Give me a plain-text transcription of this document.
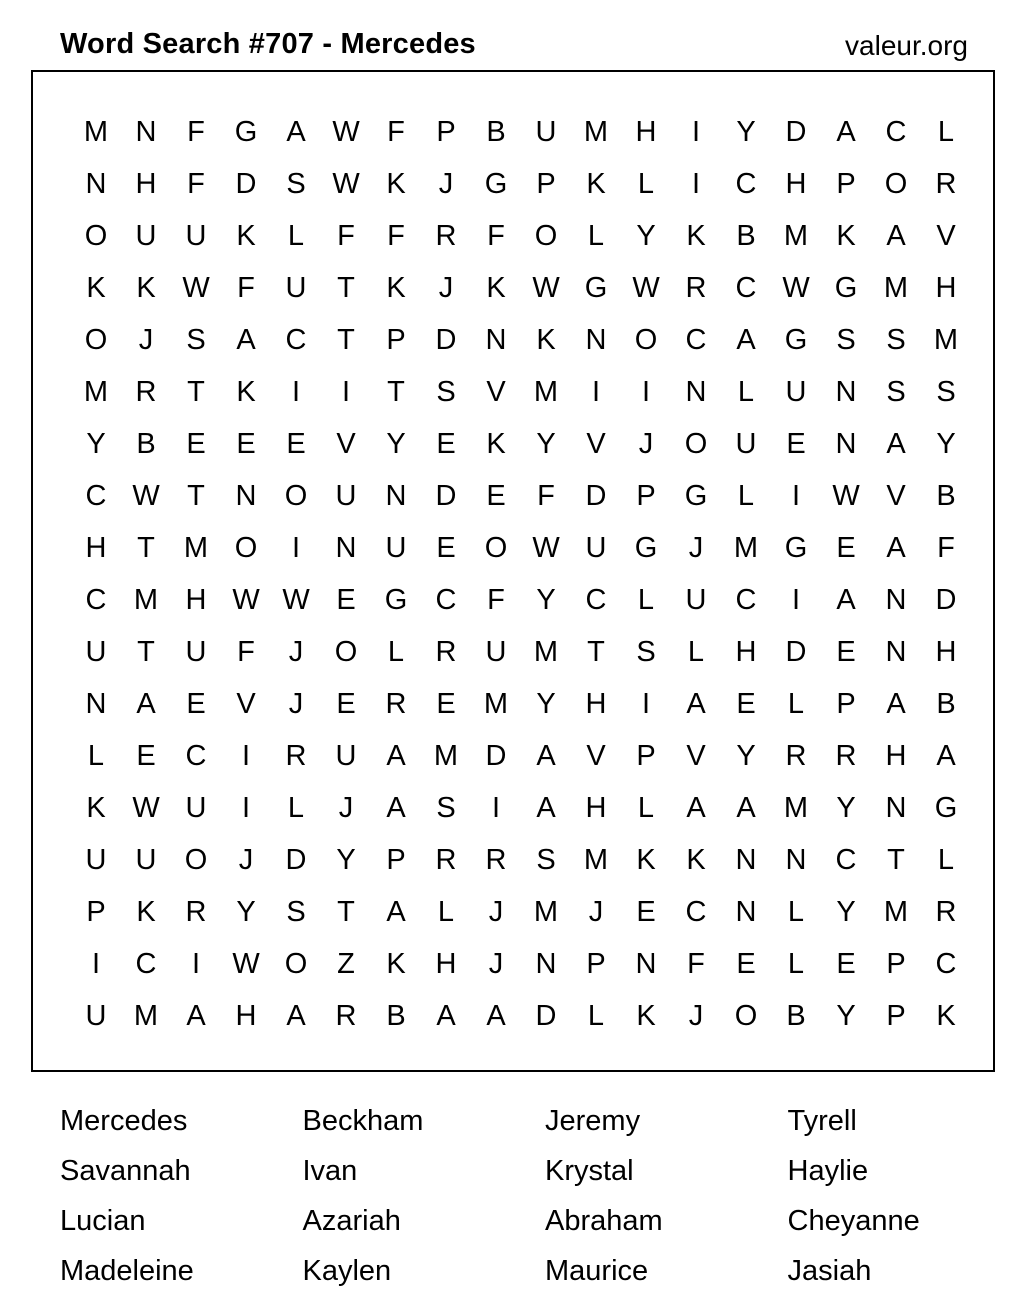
Word Search #707 - Mercedes	valeur.org
M N	F	G	A W F	P	B	U M H	I	Y	D	A	C	L
N	H	F	D	S W K	J	G	P	K	L	I	C	H	P	O R
O U	U	K	L	F	F	R	F	O	L	Y	K	B M K	A	V
K	K W F	U	T	K	J	K W G W R	C W G M H
O	J	S	A	C	T	P	D	N	K	N O C	A	G	S	S M
M R	T	K	I	I	T	S	V M	I	I	N	L	U	N	S	S
Y	B	E	E	E	V	Y	E	K	Y	V	J	O U	E	N	A	Y
C W T	N O U	N	D	E	F	D	P	G	L	I	W V	B
H	T	M O	I	N	U	E	O W U G	J	M G	E	A	F
C M H W W E	G C	F	Y	C	L	U	C	I	A	N	D
U	T	U	F	J	O	L	R	U M	T	S	L	H	D	E	N	H
N	A	E	V	J	E	R	E M Y	H	I	A	E	L	P	A	B
L	E	C	I	R	U	A M D	A	V	P	V	Y	R	R	H	A
K W U	I	L	J	A	S	I	A	H	L	A	A M Y	N G
U	U O	J	D	Y	P	R	R	S M K	K	N	N	C	T	L
P	K	R	Y	S	T	A	L	J	M	J	E	C	N	L	Y M R
I	C	I	W O	Z	K	H	J	N	P	N	F	E	L	E	P	C
U M A	H	A	R	B	A	A	D	L	K	J	O	B	Y	P	K
Mercedes	Beckham	Jeremy	Tyrell
Savannah	Ivan	Krystal	Haylie
Lucian	Azariah	Abraham	Cheyanne
Madeleine	Kaylen	Maurice	Jasiah
